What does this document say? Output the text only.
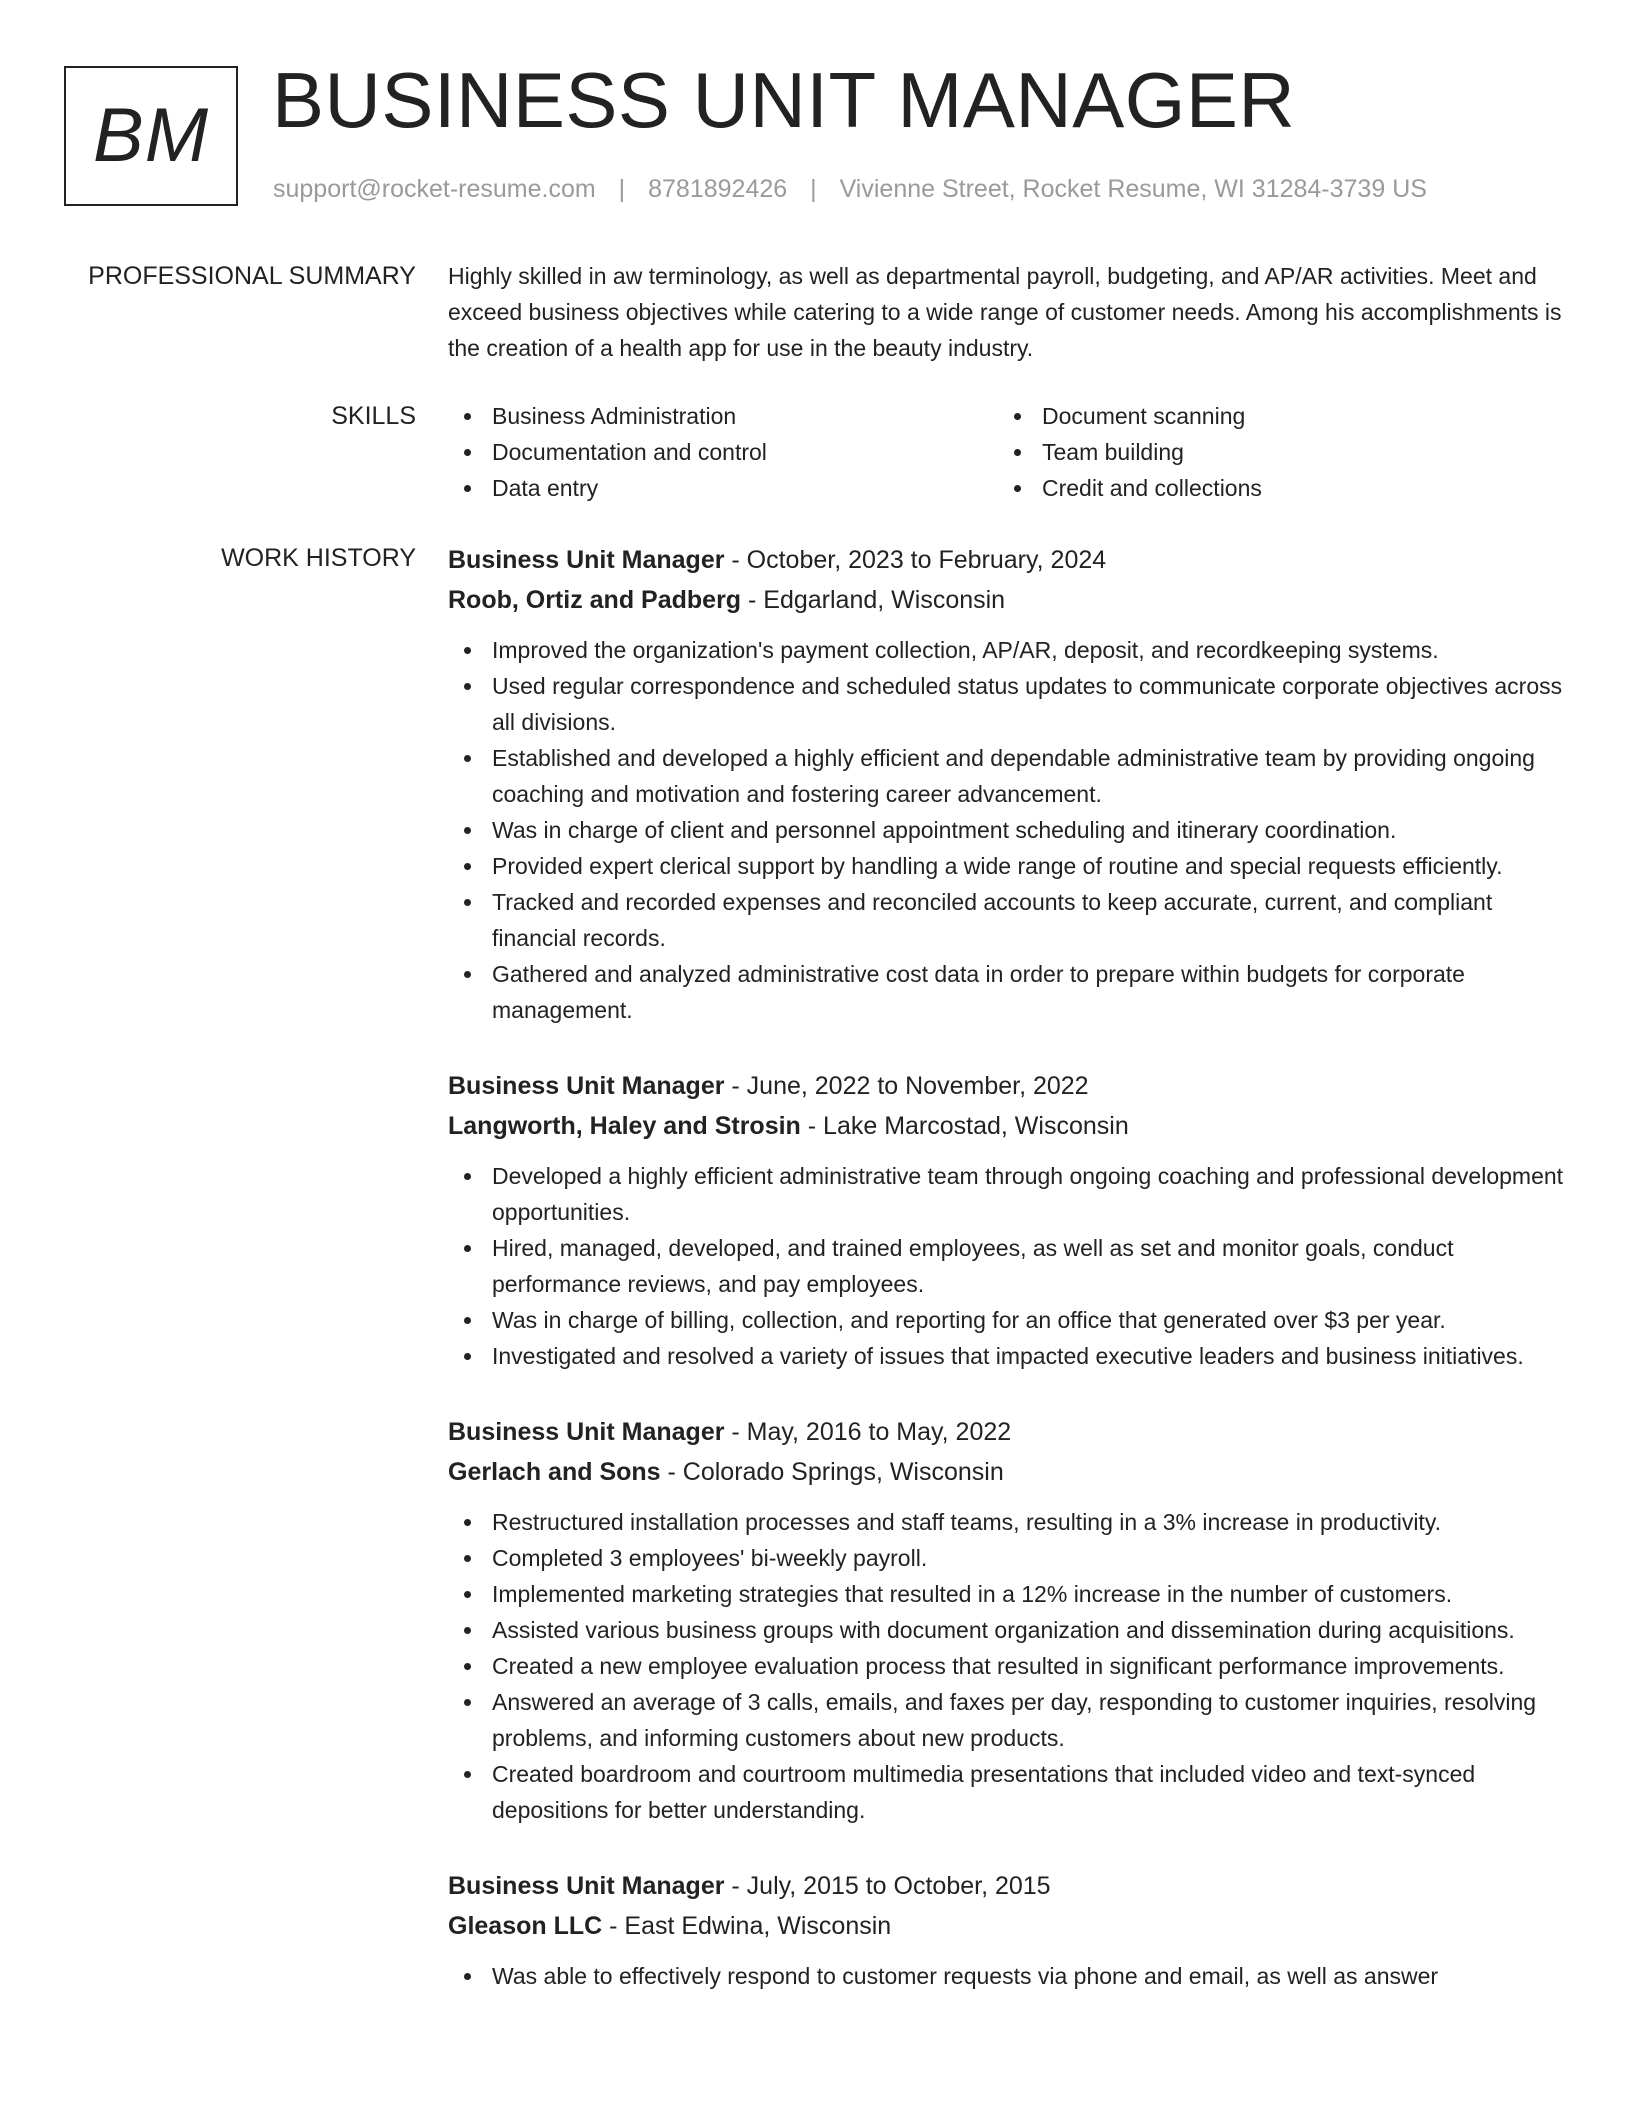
BM BUSINESS UNIT MANAGER
support@rocket-resume.com | 8781892426 | Vivienne Street, Rocket Resume, WI 31284-3739 US
PROFESSIONAL SUMMARY Highly skilled in aw terminology, as well as departmental payroll, budgeting, and AP/AR activities. Meet and exceed business objectives while catering to a wide range of customer needs. Among his accomplishments is the creation of a health app for use in the beauty industry.

SKILLS	Business Administration
Documentation and control
Data entry
Document scanning
Team building
Credit and collections
WORK HISTORY Business Unit Manager - October, 2023 to February, 2024
Roob, Ortiz and Padberg - Edgarland, Wisconsin
Improved the organization's payment collection, AP/AR, deposit, and recordkeeping systems.
Used regular correspondence and scheduled status updates to communicate corporate objectives across all divisions.
Established and developed a highly efficient and dependable administrative team by providing ongoing coaching and motivation and fostering career advancement.
Was in charge of client and personnel appointment scheduling and itinerary coordination.
Provided expert clerical support by handling a wide range of routine and special requests efficiently.
Tracked and recorded expenses and reconciled accounts to keep accurate, current, and compliant financial records.
Gathered and analyzed administrative cost data in order to prepare within budgets for corporate management.
Business Unit Manager - June, 2022 to November, 2022
Langworth, Haley and Strosin - Lake Marcostad, Wisconsin
Developed a highly efficient administrative team through ongoing coaching and professional development opportunities.
Hired, managed, developed, and trained employees, as well as set and monitor goals, conduct performance reviews, and pay employees.
Was in charge of billing, collection, and reporting for an office that generated over $3 per year.
Investigated and resolved a variety of issues that impacted executive leaders and business initiatives.
Business Unit Manager - May, 2016 to May, 2022
Gerlach and Sons - Colorado Springs, Wisconsin
Restructured installation processes and staff teams, resulting in a 3% increase in productivity.
Completed 3 employees' bi-weekly payroll.
Implemented marketing strategies that resulted in a 12% increase in the number of customers.
Assisted various business groups with document organization and dissemination during acquisitions.
Created a new employee evaluation process that resulted in significant performance improvements.
Answered an average of 3 calls, emails, and faxes per day, responding to customer inquiries, resolving problems, and informing customers about new products.
Created boardroom and courtroom multimedia presentations that included video and text-synced depositions for better understanding.
Business Unit Manager - July, 2015 to October, 2015
Gleason LLC - East Edwina, Wisconsin
Was able to effectively respond to customer requests via phone and email, as well as answer
